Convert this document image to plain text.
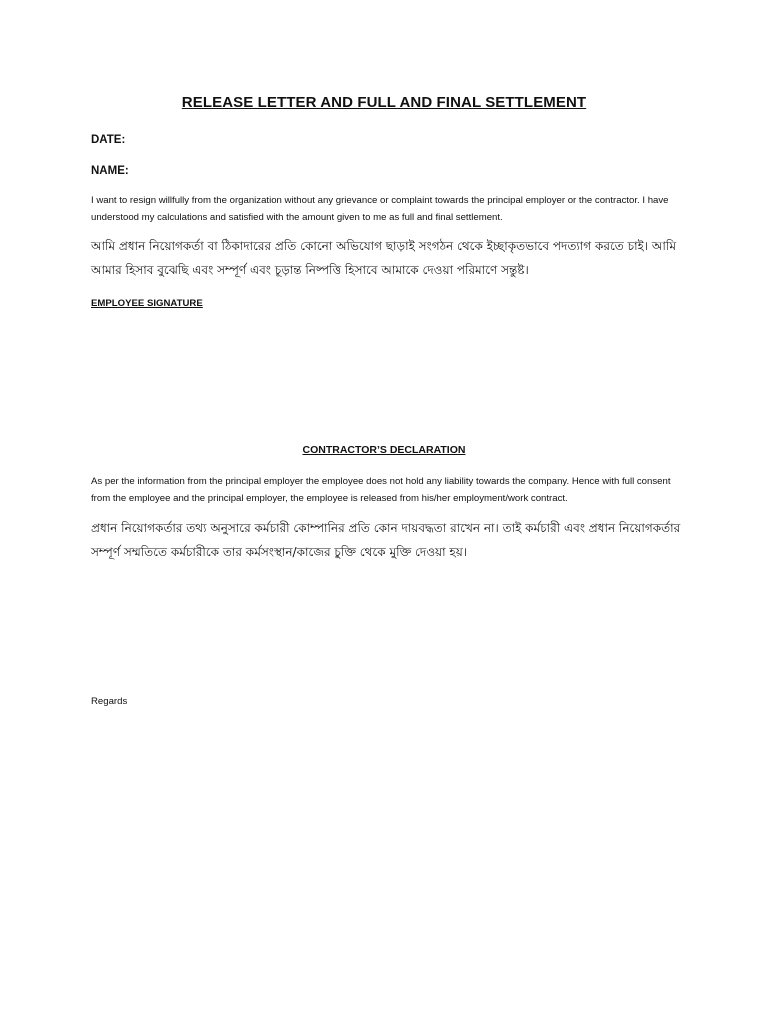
RELEASE LETTER AND FULL AND FINAL SETTLEMENT
DATE:
NAME:
I want to resign willfully from the organization without any grievance or complaint towards the principal employer or the contractor. I have understood my calculations and satisfied with the amount given to me as full and final settlement.
আমি প্রধান নিয়োগকর্তা বা ঠিকাদারের প্রতি কোনো অভিযোগ ছাড়াই সংগঠন থেকে ইচ্ছাকৃতভাবে পদত্যাগ করতে চাই। আমি আমার হিসাব বুঝেছি এবং সম্পূর্ণ এবং চূড়ান্ত নিষ্পত্তি হিসাবে আমাকে দেওয়া পরিমাণে সন্তুষ্ট।
EMPLOYEE SIGNATURE
CONTRACTOR’S DECLARATION
As per the information from the principal employer the employee does not hold any liability towards the company. Hence with full consent from the employee and the principal employer, the employee is released from his/her employment/work contract.
প্রধান নিয়োগকর্তার তথ্য অনুসারে কর্মচারী কোম্পানির প্রতি কোন দায়বদ্ধতা রাখেন না। তাই কর্মচারী এবং প্রধান নিয়োগকর্তার সম্পূর্ণ সম্মতিতে কর্মচারীকে তার কর্মসংস্থান/কাজের চুক্তি থেকে মুক্তি দেওয়া হয়।
Regards
